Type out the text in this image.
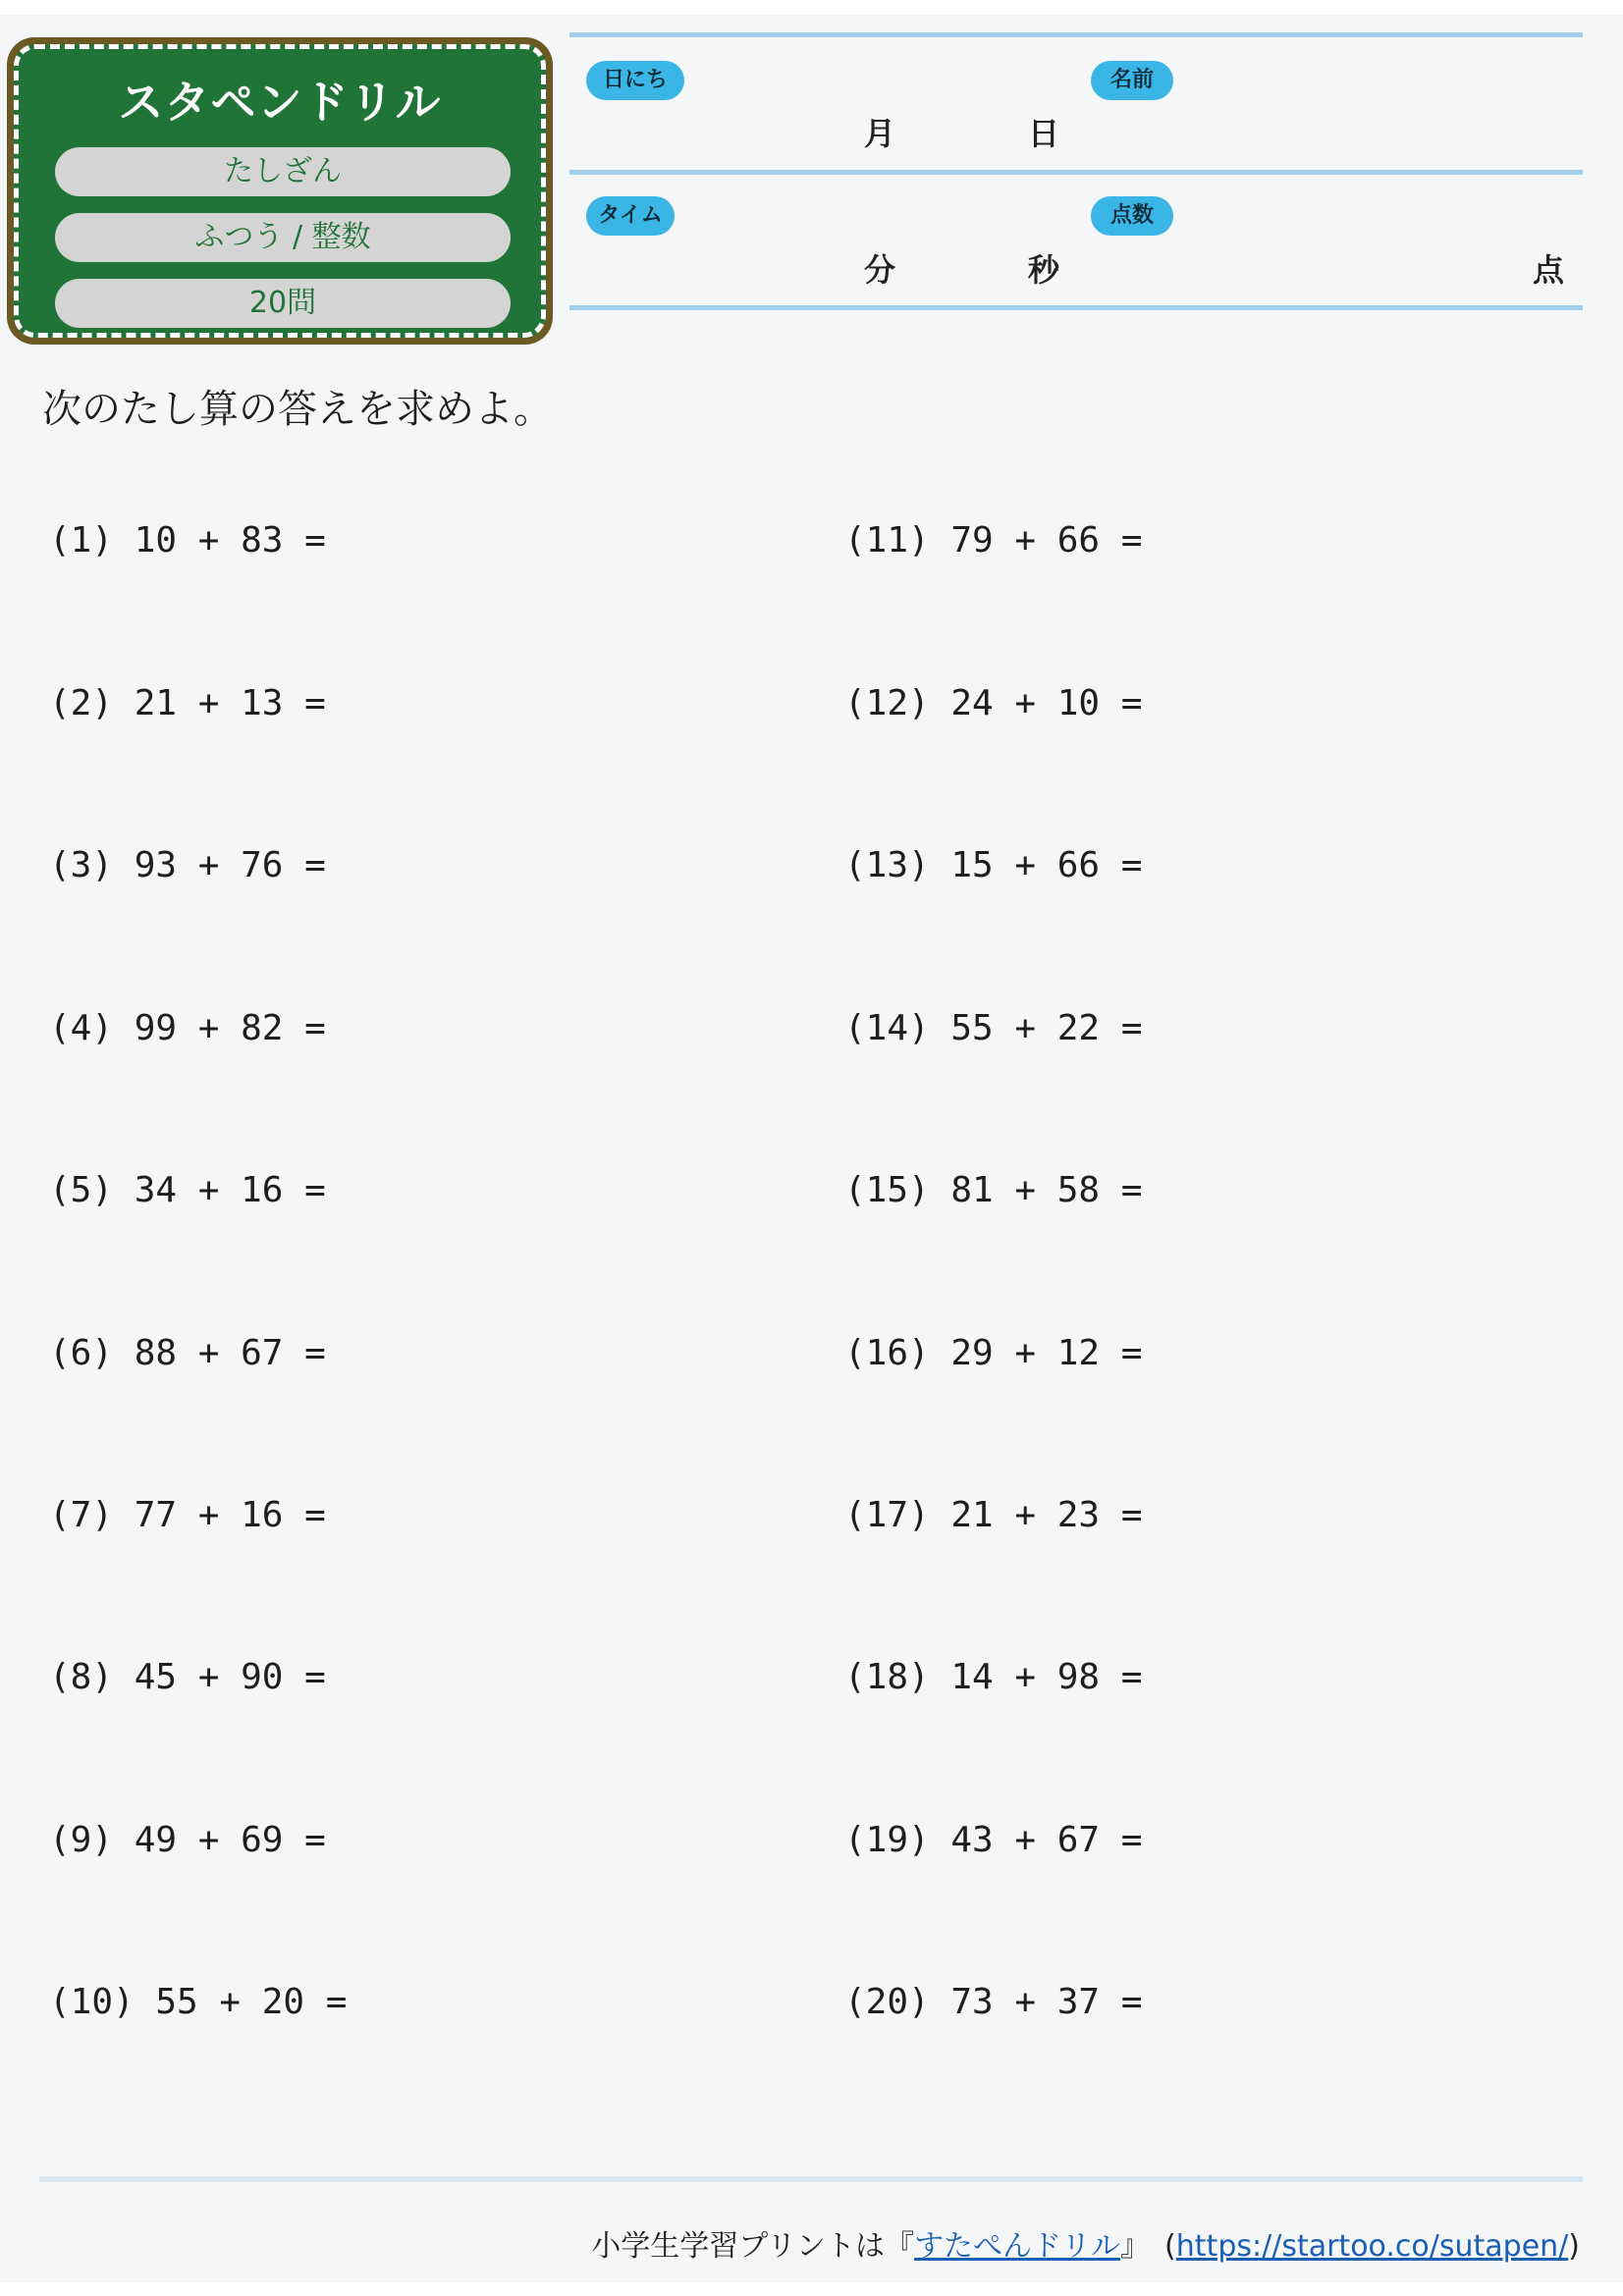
スタペンドリル
たしざん
ふつう / 整数
20問
日にち
月	日
名前
タイム
分	秒
点数
点
次のたし算の答えを求めよ。
(1) 10 + 83 =
(2) 21 + 13 =
(3) 93 + 76 =
(4) 99 + 82 =
(5) 34 + 16 =
(6) 88 + 67 =
(7) 77 + 16 =
(8) 45 + 90 =
(9) 49 + 69 =
(10) 55 + 20 =
(11) 79 + 66 =
(12) 24 + 10 =
(13) 15 + 66 =
(14) 55 + 22 =
(15) 81 + 58 =
(16) 29 + 12 =
(17) 21 + 23 =
(18) 14 + 98 =
(19) 43 + 67 =
(20) 73 + 37 =
小学生学習プリントは『すたぺんドリル』　(https://startoo.co/sutapen/)
